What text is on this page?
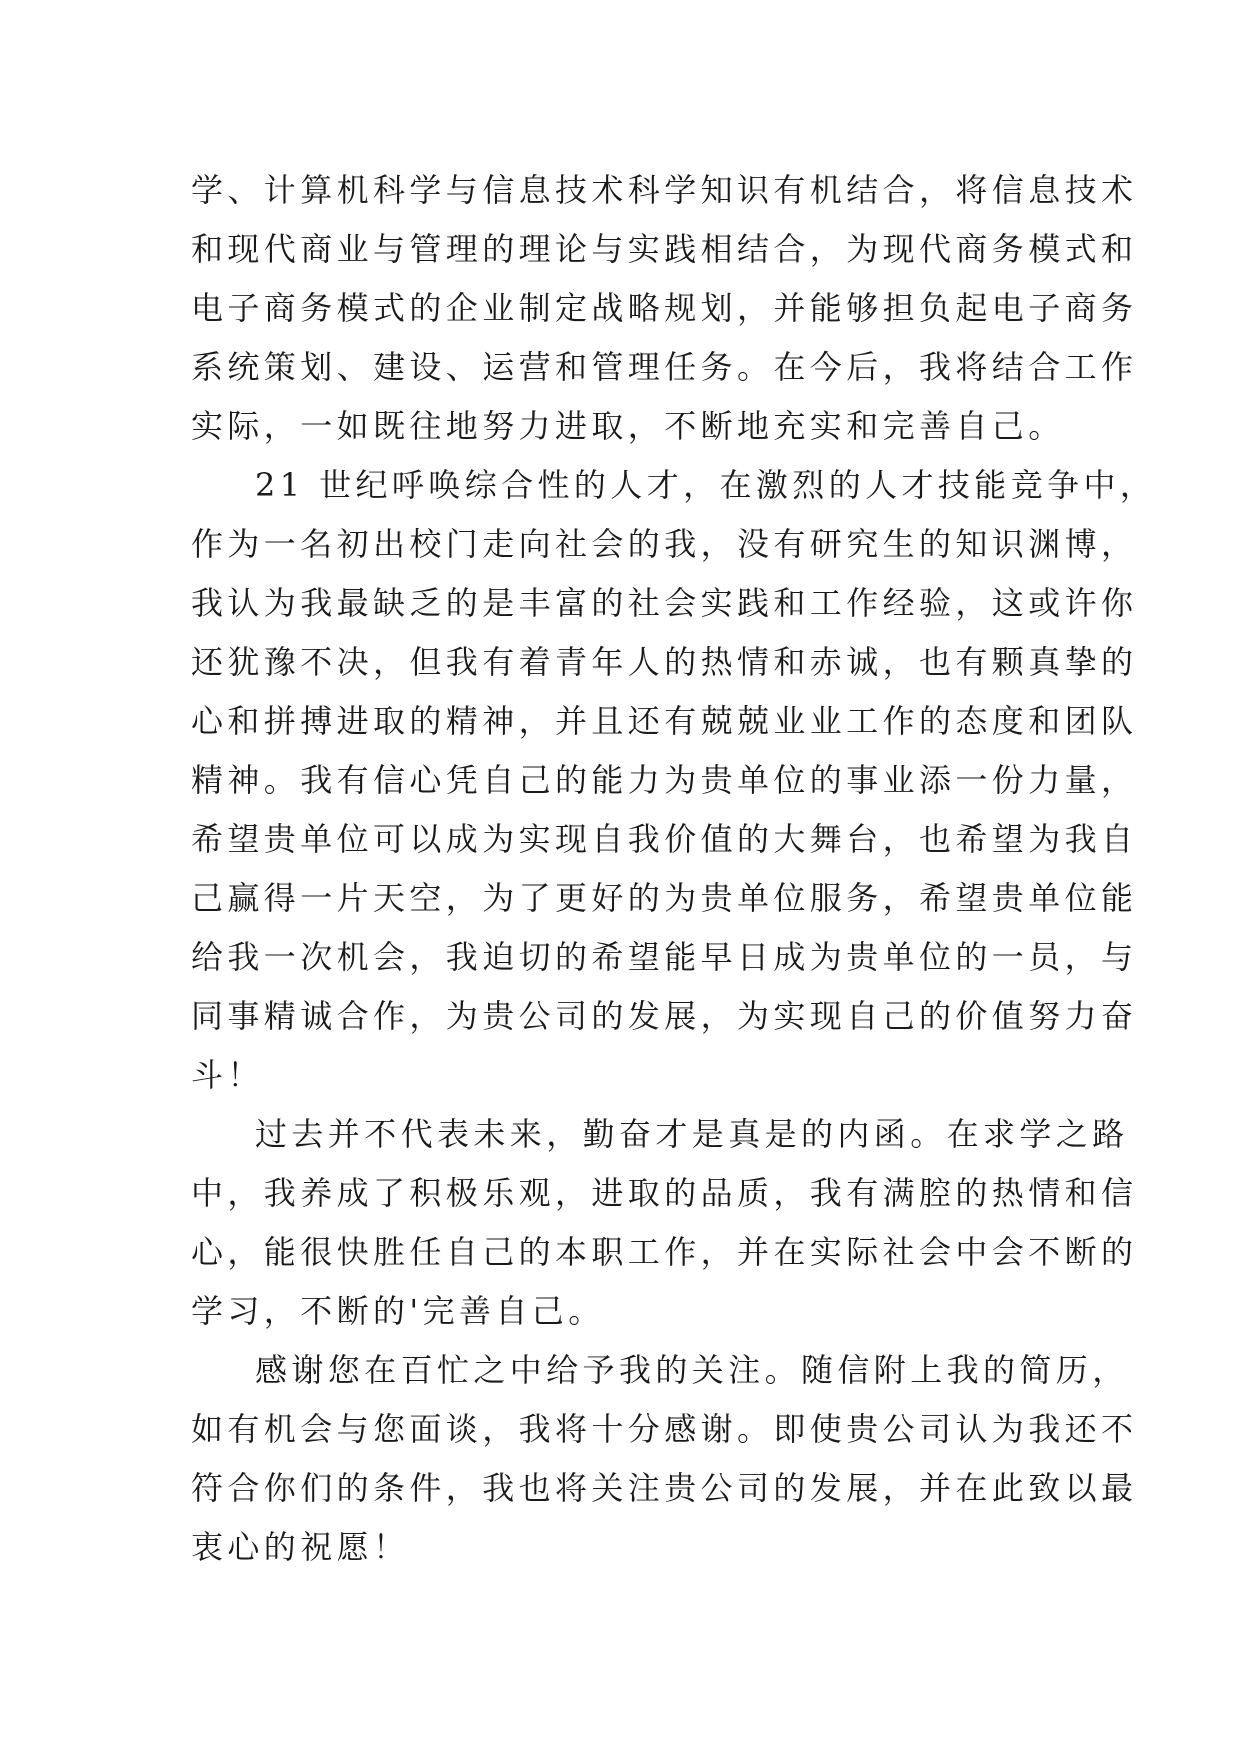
学、计算机科学与信息技术科学知识有机结合，将信息技术
和现代商业与管理的理论与实践相结合，为现代商务模式和
电子商务模式的企业制定战略规划，并能够担负起电子商务
系统策划、建设、运营和管理任务。在今后，我将结合工作
实际，一如既往地努力进取，不断地充实和完善自己。
21 世纪呼唤综合性的人才，在激烈的人才技能竞争中，
作为一名初出校门走向社会的我，没有研究生的知识渊博，
我认为我最缺乏的是丰富的社会实践和工作经验，这或许你
还犹豫不决，但我有着青年人的热情和赤诚，也有颗真挚的
心和拼搏进取的精神，并且还有兢兢业业工作的态度和团队
精神。我有信心凭自己的能力为贵单位的事业添一份力量，
希望贵单位可以成为实现自我价值的大舞台，也希望为我自
己赢得一片天空，为了更好的为贵单位服务，希望贵单位能
给我一次机会，我迫切的希望能早日成为贵单位的一员，与
同事精诚合作，为贵公司的发展，为实现自己的价值努力奋
斗！
过去并不代表未来，勤奋才是真是的内函。在求学之路
中，我养成了积极乐观，进取的品质，我有满腔的热情和信
心，能很快胜任自己的本职工作，并在实际社会中会不断的
学习，不断的'完善自己。
感谢您在百忙之中给予我的关注。随信附上我的简历，
如有机会与您面谈，我将十分感谢。即使贵公司认为我还不
符合你们的条件，我也将关注贵公司的发展，并在此致以最
衷心的祝愿！
